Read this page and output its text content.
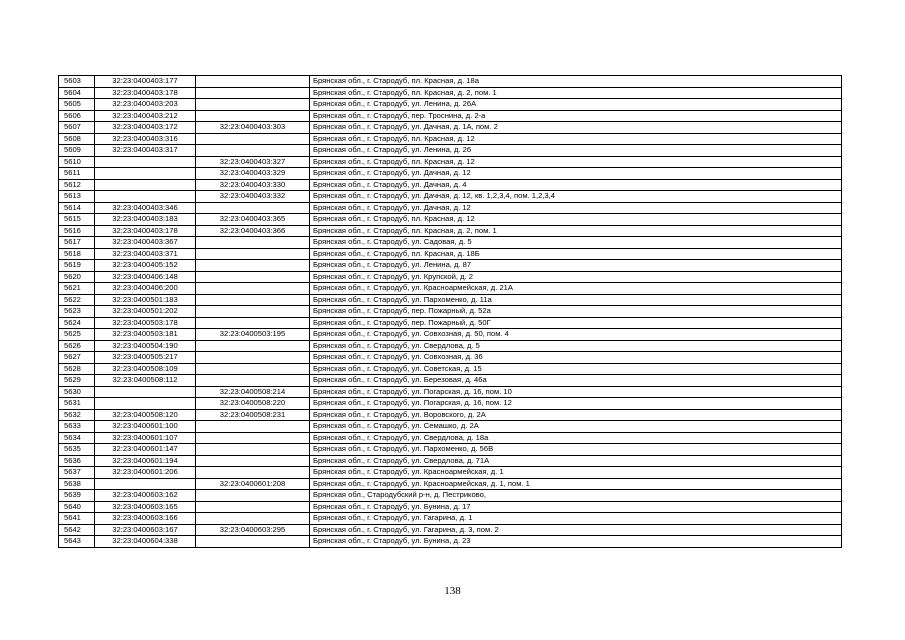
5603	32:23:0400403:177		Брянская обл., г. Стародуб, пл. Красная, д. 18а
5604	32:23:0400403:178		Брянская обл., г. Стародуб, пл. Красная, д. 2, пом. 1
5605	32:23:0400403:203		Брянская обл., г. Стародуб, ул. Ленина, д. 26А
5606	32:23:0400403:212		Брянская обл., г. Стародуб, пер. Троснина, д. 2-а
5607	32:23:0400403:172	32:23:0400403:303	Брянская обл., г. Стародуб, ул. Дачная, д. 1А, пом. 2
5608	32:23:0400403:316		Брянская обл., г. Стародуб, пл. Красная, д. 12
5609	32:23:0400403:317		Брянская обл., г. Стародуб, ул. Ленина, д. 26
5610		32:23:0400403:327	Брянская обл., г. Стародуб, пл. Красная, д. 12
5611		32:23:0400403:329	Брянская обл., г. Стародуб, ул. Дачная, д. 12
5612		32:23:0400403:330	Брянская обл., г. Стародуб, ул. Дачная, д. 4
5613		32:23:0400403:332	Брянская обл., г. Стародуб, ул. Дачная, д. 12, кв. 1,2,3,4, пом. 1,2,3,4
5614	32:23:0400403:346		Брянская обл., г. Стародуб, ул. Дачная, д. 12
5615	32:23:0400403:183	32:23:0400403:365	Брянская обл., г. Стародуб, пл. Красная, д. 12
5616	32:23:0400403:178	32:23:0400403:366	Брянская обл., г. Стародуб, пл. Красная, д. 2, пом. 1
5617	32:23:0400403:367		Брянская обл., г. Стародуб, ул. Садовая, д. 5
5618	32:23:0400403:371		Брянская обл., г. Стародуб, пл. Красная, д. 18Б
5619	32:23:0400405:152		Брянская обл., г. Стародуб, ул. Ленина, д. 87
5620	32:23:0400406:148		Брянская обл., г. Стародуб, ул. Крупской, д. 2
5621	32:23:0400406:200		Брянская обл., г. Стародуб, ул. Красноармейская, д. 21А
5622	32:23:0400501:183		Брянская обл., г. Стародуб, ул. Пархоменко, д. 11а
5623	32:23:0400501:202		Брянская обл., г. Стародуб, пер. Пожарный, д. 52а
5624	32:23:0400503:178		Брянская обл., г. Стародуб, пер. Пожарный, д. 50Г
5625	32:23:0400503:181	32:23:0400503:195	Брянская обл., г. Стародуб, ул. Совхозная, д. 50, пом. 4
5626	32:23:0400504:190		Брянская обл., г. Стародуб, ул. Свердлова, д. 5
5627	32:23:0400505:217		Брянская обл., г. Стародуб, ул. Совхозная, д. 36
5628	32:23:0400508:109		Брянская обл., г. Стародуб, ул. Советская, д. 15
5629	32:23:0400508:112		Брянская обл., г. Стародуб, ул. Березовая, д. 46а
5630		32:23:0400508:214	Брянская обл., г. Стародуб, ул. Погарская, д. 16, пом. 10
5631		32:23:0400508:220	Брянская обл., г. Стародуб, ул. Погарская, д. 16, пом. 12
5632	32:23:0400508:120	32:23:0400508:231	Брянская обл., г. Стародуб, ул. Воровского, д. 2А
5633	32:23:0400601:100		Брянская обл., г. Стародуб, ул. Семашко, д. 2А
5634	32:23:0400601:107		Брянская обл., г. Стародуб, ул. Свердлова, д. 18а
5635	32:23:0400601:147		Брянская обл., г. Стародуб, ул. Пархоменко, д. 56В
5636	32:23:0400601:194		Брянская обл., г. Стародуб, ул. Свердлова, д. 71А
5637	32:23:0400601:206		Брянская обл., г. Стародуб, ул. Красноармейская, д. 1
5638		32:23:0400601:208	Брянская обл., г. Стародуб, ул. Красноармейская, д. 1, пом. 1
5639	32:23:0400603:162		Брянская обл., Стародубский р-н, д. Пестриково,
5640	32:23:0400603:165		Брянская обл., г. Стародуб, ул. Бунина, д. 17
5641	32:23:0400603:166		Брянская обл., г. Стародуб, ул. Гагарина, д. 1
5642	32:23:0400603:167	32:23:0400603:295	Брянская обл., г. Стародуб, ул. Гагарина, д. 3, пом. 2
5643	32:23:0400604:338		Брянская обл., г. Стародуб, ул. Бунина, д. 23
138
